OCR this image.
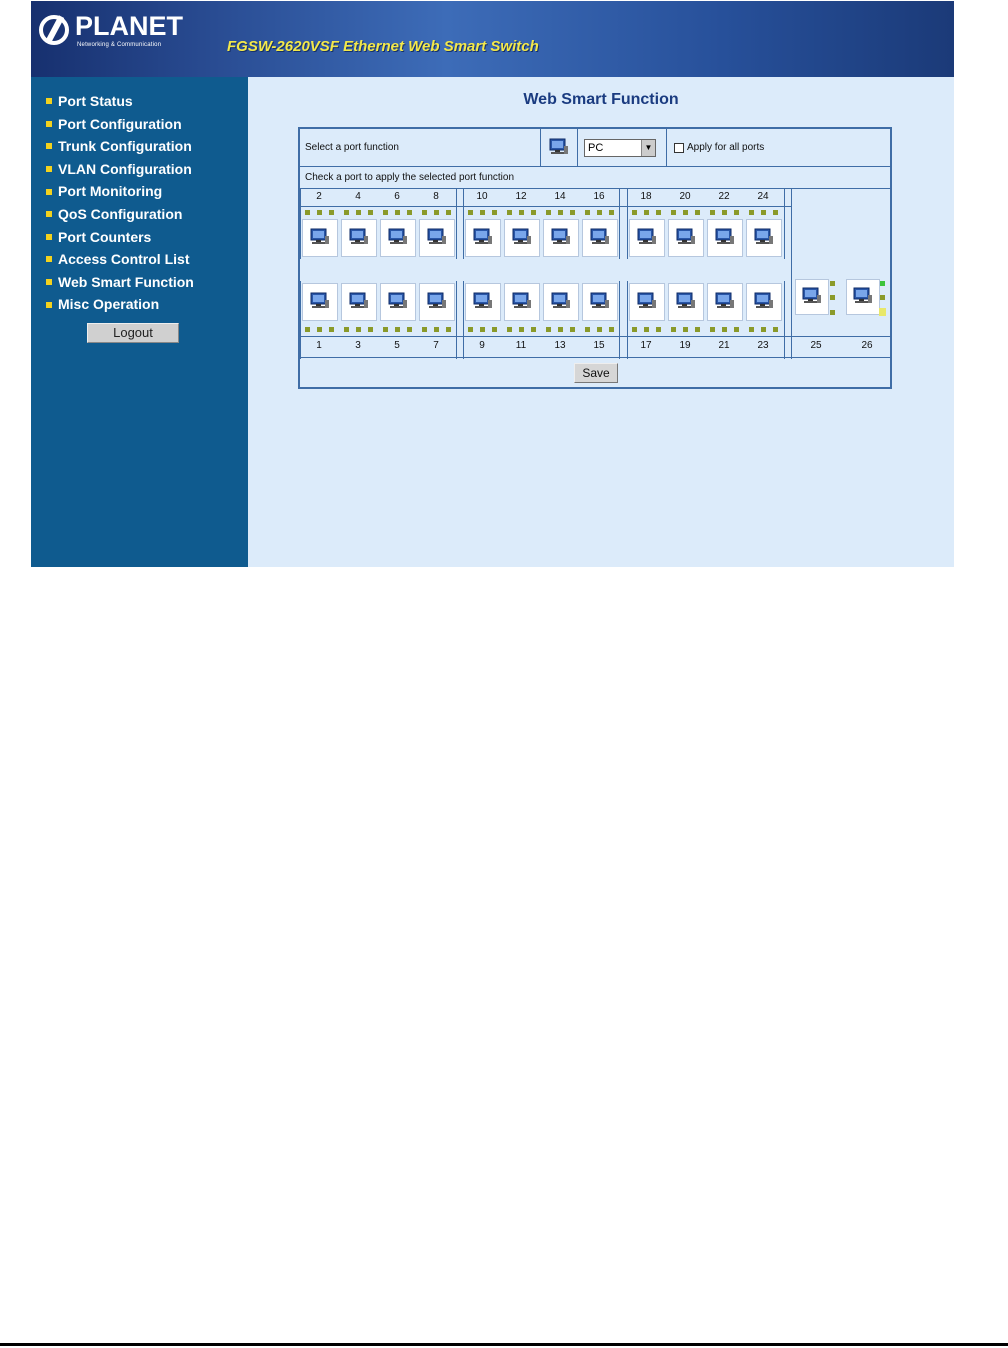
PLANET
Networking & Communication	FGSW-2620VSF Ethernet Web Smart Switch
Port Status
Port Configuration
Trunk Configuration
VLAN Configuration
Port Monitoring
QoS Configuration
Port Counters
Access Control List
Web Smart Function
Misc Operation
Logout
Web Smart Function
Select a port function	PC	▼	Apply for all ports
Check a port to apply the selected port function
2	4	6	8	10	12	14	16	18	20	22	24
1	3	5	7	9	11	13	15	17	19	21	23	25	26
Save
